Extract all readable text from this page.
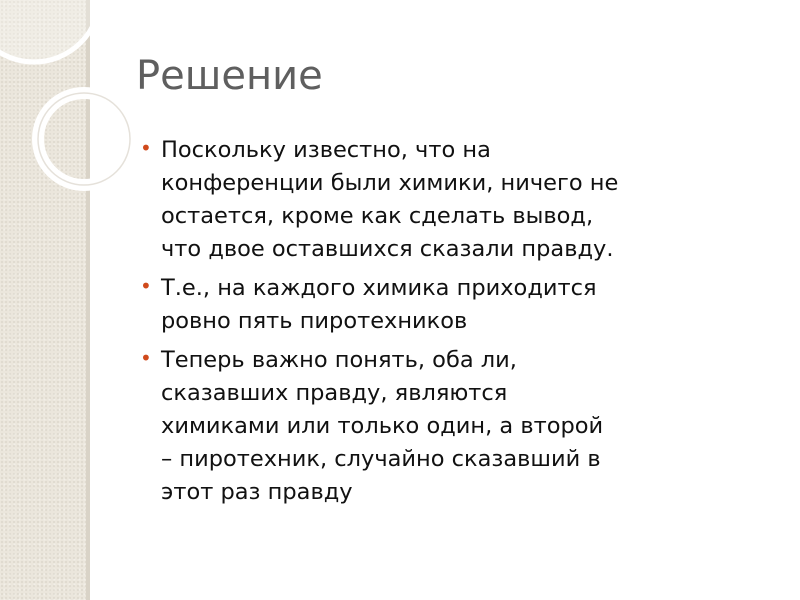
Решение
• Поскольку известно, что на
конференции были химики, ничего не
остается, кроме как сделать вывод,
что двое оставшихся сказали правду.
• Т.е., на каждого химика приходится
ровно пять пиротехников
• Теперь важно понять, оба ли,
сказавших правду, являются
химиками или только один, а второй
– пиротехник, случайно сказавший в
этот раз правду
